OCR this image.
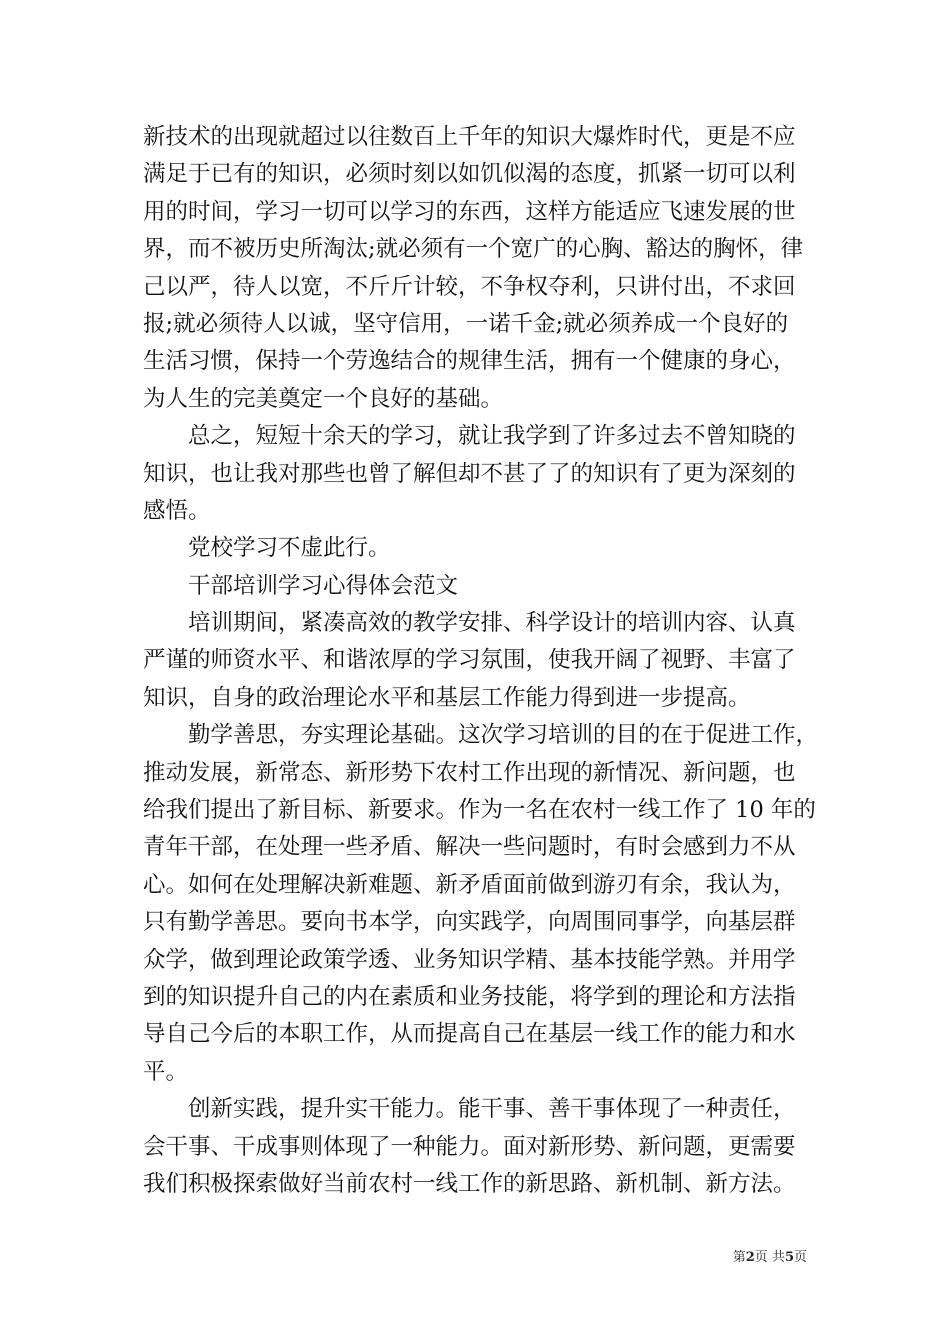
新技术的出现就超过以往数百上千年的知识大爆炸时代，更是不应
满足于已有的知识，必须时刻以如饥似渴的态度，抓紧一切可以利
用的时间，学习一切可以学习的东西，这样方能适应飞速发展的世
界，而不被历史所淘汰;就必须有一个宽广的心胸、豁达的胸怀，律
己以严，待人以宽，不斤斤计较，不争权夺利，只讲付出，不求回
报;就必须待人以诚，坚守信用，一诺千金;就必须养成一个良好的
生活习惯，保持一个劳逸结合的规律生活，拥有一个健康的身心，
为人生的完美奠定一个良好的基础。
总之，短短十余天的学习，就让我学到了许多过去不曾知晓的
知识，也让我对那些也曾了解但却不甚了了的知识有了更为深刻的
感悟。
党校学习不虚此行。
干部培训学习心得体会范文
培训期间，紧凑高效的教学安排、科学设计的培训内容、认真
严谨的师资水平、和谐浓厚的学习氛围，使我开阔了视野、丰富了
知识，自身的政治理论水平和基层工作能力得到进一步提高。
勤学善思，夯实理论基础。这次学习培训的目的在于促进工作，
推动发展，新常态、新形势下农村工作出现的新情况、新问题，也
给我们提出了新目标、新要求。作为一名在农村一线工作了 10 年的
青年干部，在处理一些矛盾、解决一些问题时，有时会感到力不从
心。如何在处理解决新难题、新矛盾面前做到游刃有余，我认为，
只有勤学善思。要向书本学，向实践学，向周围同事学，向基层群
众学，做到理论政策学透、业务知识学精、基本技能学熟。并用学
到的知识提升自己的内在素质和业务技能，将学到的理论和方法指
导自己今后的本职工作，从而提高自己在基层一线工作的能力和水
平。
创新实践，提升实干能力。能干事、善干事体现了一种责任，
会干事、干成事则体现了一种能力。面对新形势、新问题，更需要
我们积极探索做好当前农村一线工作的新思路、新机制、新方法。
第2页 共5页
